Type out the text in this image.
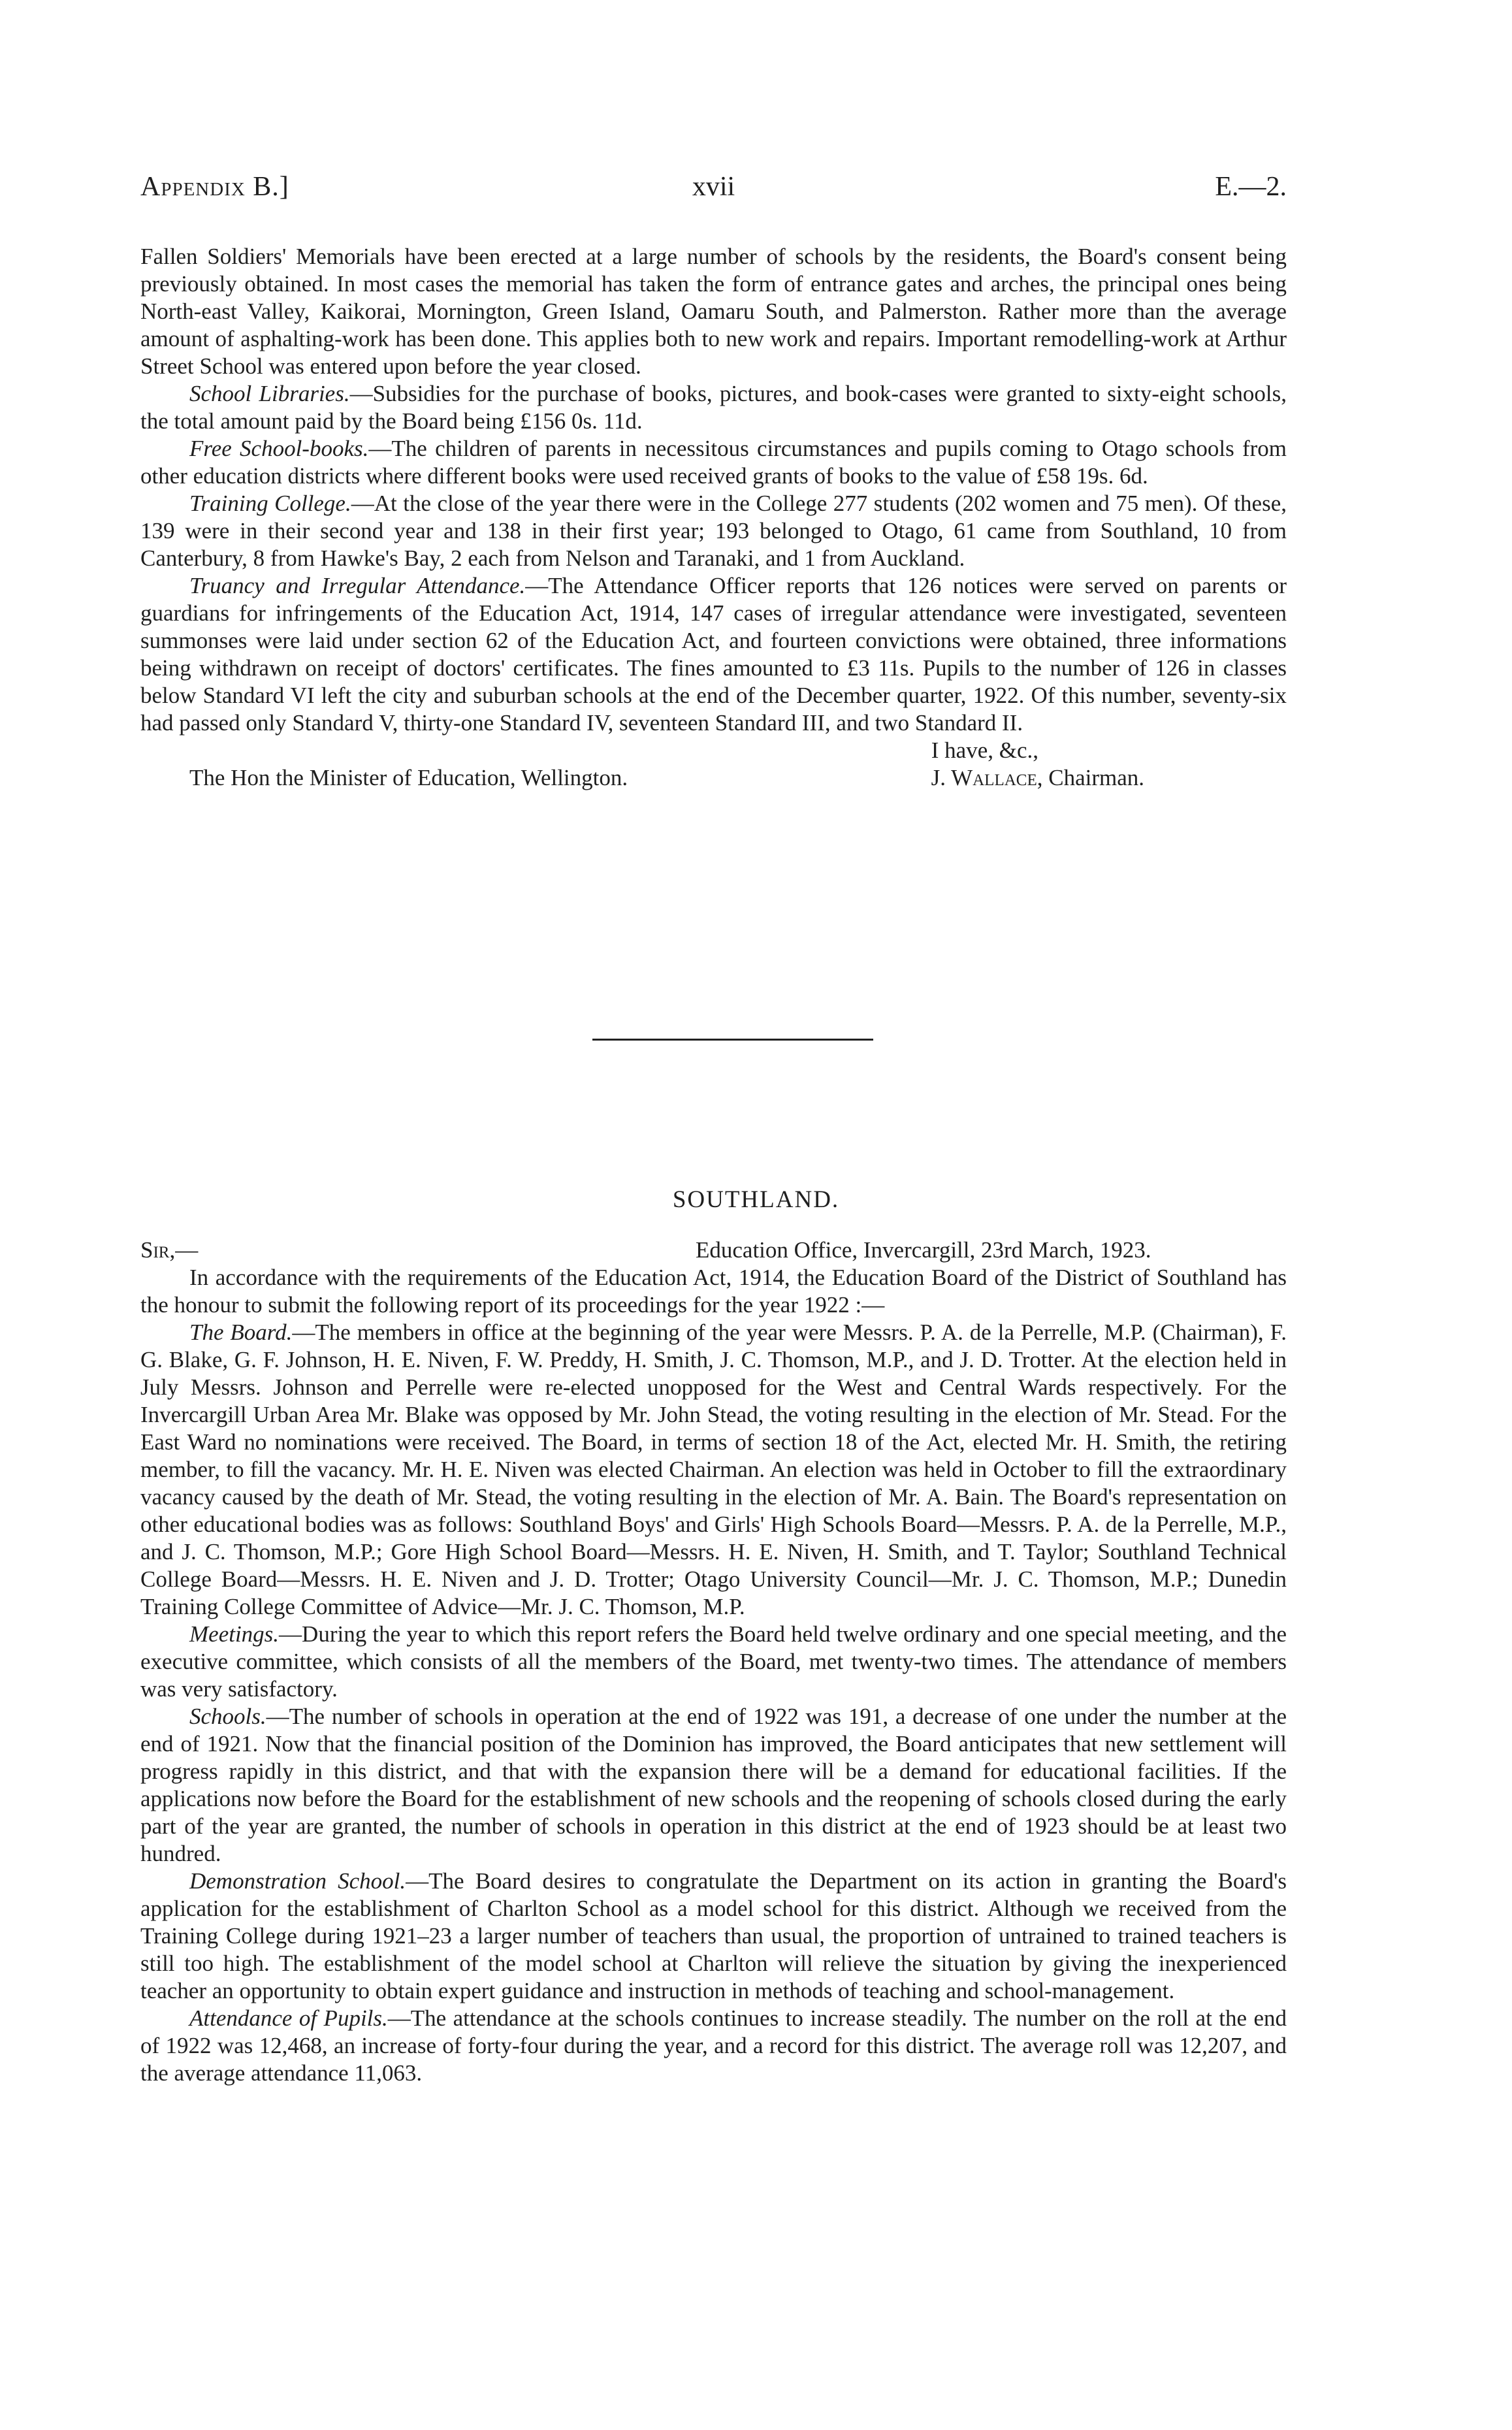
Appendix B.]	xvii	E.—2.

Fallen Soldiers' Memorials have been erected at a large number of schools by the residents, the Board's consent being previously obtained. In most cases the memorial has taken the form of entrance gates and arches, the principal ones being North-east Valley, Kaikorai, Mornington, Green Island, Oamaru South, and Palmerston. Rather more than the average amount of asphalting-work has been done. This applies both to new work and repairs. Important remodelling-work at Arthur Street School was entered upon before the year closed.

School Libraries.—Subsidies for the purchase of books, pictures, and book-cases were granted to sixty-eight schools, the total amount paid by the Board being £156 0s. 11d.

Free School-books.—The children of parents in necessitous circumstances and pupils coming to Otago schools from other education districts where different books were used received grants of books to the value of £58 19s. 6d.

Training College.—At the close of the year there were in the College 277 students (202 women and 75 men). Of these, 139 were in their second year and 138 in their first year; 193 belonged to Otago, 61 came from Southland, 10 from Canterbury, 8 from Hawke's Bay, 2 each from Nelson and Taranaki, and 1 from Auckland.

Truancy and Irregular Attendance.—The Attendance Officer reports that 126 notices were served on parents or guardians for infringements of the Education Act, 1914, 147 cases of irregular attendance were investigated, seventeen summonses were laid under section 62 of the Education Act, and fourteen convictions were obtained, three informations being withdrawn on receipt of doctors' certificates. The fines amounted to £3 11s. Pupils to the number of 126 in classes below Standard VI left the city and suburban schools at the end of the December quarter, 1922. Of this number, seventy-six had passed only Standard V, thirty-one Standard IV, seventeen Standard III, and two Standard II.

I have, &c.,
The Hon the Minister of Education, Wellington.	J. Wallace, Chairman.
SOUTHLAND.
Sir,—	Education Office, Invercargill, 23rd March, 1923.

In accordance with the requirements of the Education Act, 1914, the Education Board of the District of Southland has the honour to submit the following report of its proceedings for the year 1922 :—

The Board.—The members in office at the beginning of the year were Messrs. P. A. de la Perrelle, M.P. (Chairman), F. G. Blake, G. F. Johnson, H. E. Niven, F. W. Preddy, H. Smith, J. C. Thomson, M.P., and J. D. Trotter. At the election held in July Messrs. Johnson and Perrelle were re-elected unopposed for the West and Central Wards respectively. For the Invercargill Urban Area Mr. Blake was opposed by Mr. John Stead, the voting resulting in the election of Mr. Stead. For the East Ward no nominations were received. The Board, in terms of section 18 of the Act, elected Mr. H. Smith, the retiring member, to fill the vacancy. Mr. H. E. Niven was elected Chairman. An election was held in October to fill the extraordinary vacancy caused by the death of Mr. Stead, the voting resulting in the election of Mr. A. Bain. The Board's representation on other educational bodies was as follows: Southland Boys' and Girls' High Schools Board—Messrs. P. A. de la Perrelle, M.P., and J. C. Thomson, M.P.; Gore High School Board—Messrs. H. E. Niven, H. Smith, and T. Taylor; Southland Technical College Board—Messrs. H. E. Niven and J. D. Trotter; Otago University Council—Mr. J. C. Thomson, M.P.; Dunedin Training College Committee of Advice—Mr. J. C. Thomson, M.P.

Meetings.—During the year to which this report refers the Board held twelve ordinary and one special meeting, and the executive committee, which consists of all the members of the Board, met twenty-two times. The attendance of members was very satisfactory.

Schools.—The number of schools in operation at the end of 1922 was 191, a decrease of one under the number at the end of 1921. Now that the financial position of the Dominion has improved, the Board anticipates that new settlement will progress rapidly in this district, and that with the expansion there will be a demand for educational facilities. If the applications now before the Board for the establishment of new schools and the reopening of schools closed during the early part of the year are granted, the number of schools in operation in this district at the end of 1923 should be at least two hundred.

Demonstration School.—The Board desires to congratulate the Department on its action in granting the Board's application for the establishment of Charlton School as a model school for this district. Although we received from the Training College during 1921–23 a larger number of teachers than usual, the proportion of untrained to trained teachers is still too high. The establishment of the model school at Charlton will relieve the situation by giving the inexperienced teacher an opportunity to obtain expert guidance and instruction in methods of teaching and school-management.

Attendance of Pupils.—The attendance at the schools continues to increase steadily. The number on the roll at the end of 1922 was 12,468, an increase of forty-four during the year, and a record for this district. The average roll was 12,207, and the average attendance 11,063.
